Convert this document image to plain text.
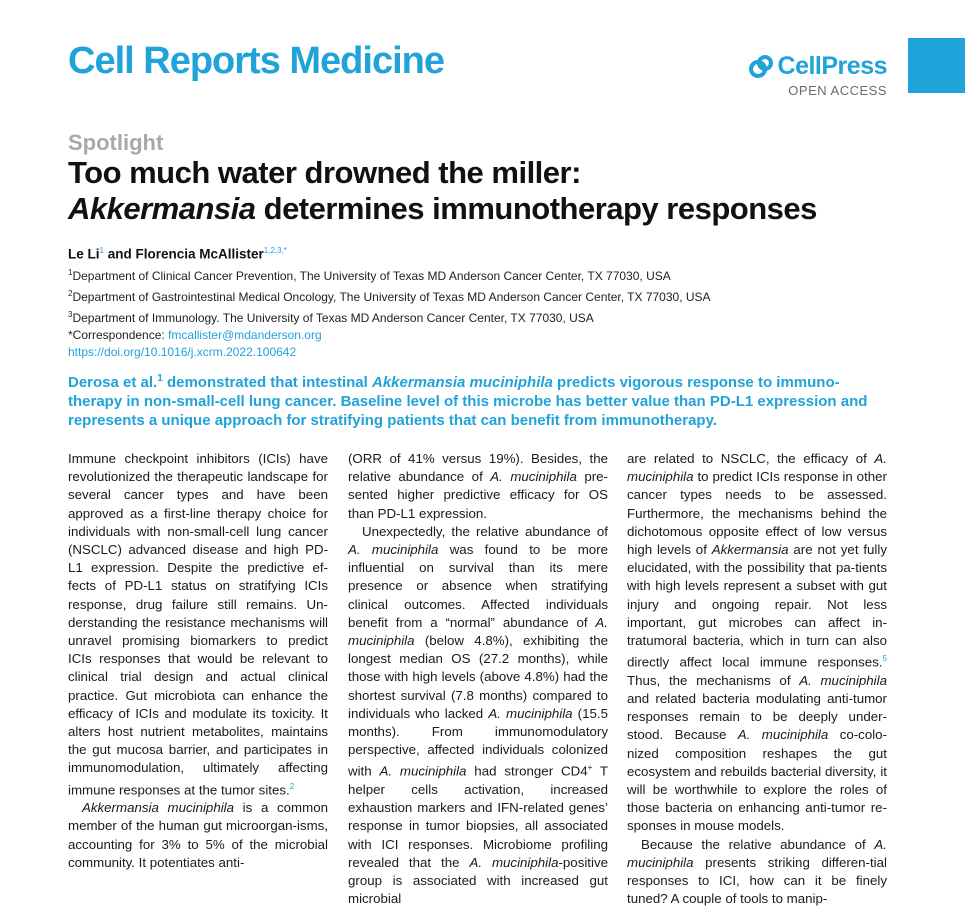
Cell Reports Medicine	CellPress
OPEN ACCESS
Spotlight
Too much water drowned the miller:
Akkermansia determines immunotherapy responses
Le Li$^1$ and Florencia McAllister$^{1,2,3,*}$
$^1$Department of Clinical Cancer Prevention, The University of Texas MD Anderson Cancer Center, TX 77030, USA
$^2$Department of Gastrointestinal Medical Oncology, The University of Texas MD Anderson Cancer Center, TX 77030, USA
$^3$Department of Immunology. The University of Texas MD Anderson Cancer Center, TX 77030, USA
*Correspondence: fmcallister@mdanderson.org
https://doi.org/10.1016/j.xcrm.2022.100642
Derosa et al.$^1$ demonstrated that intestinal Akkermansia muciniphila predicts vigorous response to immuno-therapy in non-small-cell lung cancer. Baseline level of this microbe has better value than PD-L1 expression and represents a unique approach for stratifying patients that can benefit from immunotherapy.

Immune checkpoint inhibitors (ICIs) have revolutionized the therapeutic landscape for several cancer types and have been approved as a first-line therapy choice for individuals with non-small-cell lung cancer (NSCLC) advanced disease and high PD-L1 expression. Despite the predictive ef-fects of PD-L1 status on stratifying ICIs response, drug failure still remains. Un-derstanding the resistance mechanisms will unravel promising biomarkers to predict ICIs responses that would be relevant to clinical trial design and actual clinical practice. Gut microbiota can enhance the efficacy of ICIs and modulate its toxicity. It alters host nutrient metabolites, maintains the gut mucosa barrier, and participates in immunomodulation, ultimately affecting immune responses at the tumor sites.$^2$

Akkermansia muciniphila is a common member of the human gut microorgan-isms, accounting for 3% to 5% of the microbial community. It potentiates anti-

(ORR of 41% versus 19%). Besides, the relative abundance of A. muciniphila pre-sented higher predictive efficacy for OS than PD-L1 expression.

Unexpectedly, the relative abundance of A. muciniphila was found to be more influential on survival than its mere presence or absence when stratifying clinical outcomes. Affected individuals benefit from a “normal” abundance of A. muciniphila (below 4.8%), exhibiting the longest median OS (27.2 months), while those with high levels (above 4.8%) had the shortest survival (7.8 months) compared to individuals who lacked A. muciniphila (15.5 months). From immunomodulatory perspective, affected individuals colonized with A. muciniphila had stronger CD4+ T helper cells activation, increased exhaustion markers and IFN-related genes’ response in tumor biopsies, all associated with ICI responses. Microbiome profiling revealed that the A. muciniphila-positive group is associated with increased gut microbial

are related to NSCLC, the efficacy of A. muciniphila to predict ICIs response in other cancer types needs to be assessed. Furthermore, the mechanisms behind the dichotomous opposite effect of low versus high levels of Akkermansia are not yet fully elucidated, with the possibility that pa-tients with high levels represent a subset with gut injury and ongoing repair. Not less important, gut microbes can affect in-tratumoral bacteria, which in turn can also directly affect local immune responses.$^5$ Thus, the mechanisms of A. muciniphila and related bacteria modulating anti-tumor responses remain to be deeply under-stood. Because A. muciniphila co-colo-nized composition reshapes the gut ecosystem and rebuilds bacterial diversity, it will be worthwhile to explore the roles of those bacteria on enhancing anti-tumor re-sponses in mouse models.

Because the relative abundance of A. muciniphila presents striking differen-tial responses to ICI, how can it be finely tuned? A couple of tools to manip-
